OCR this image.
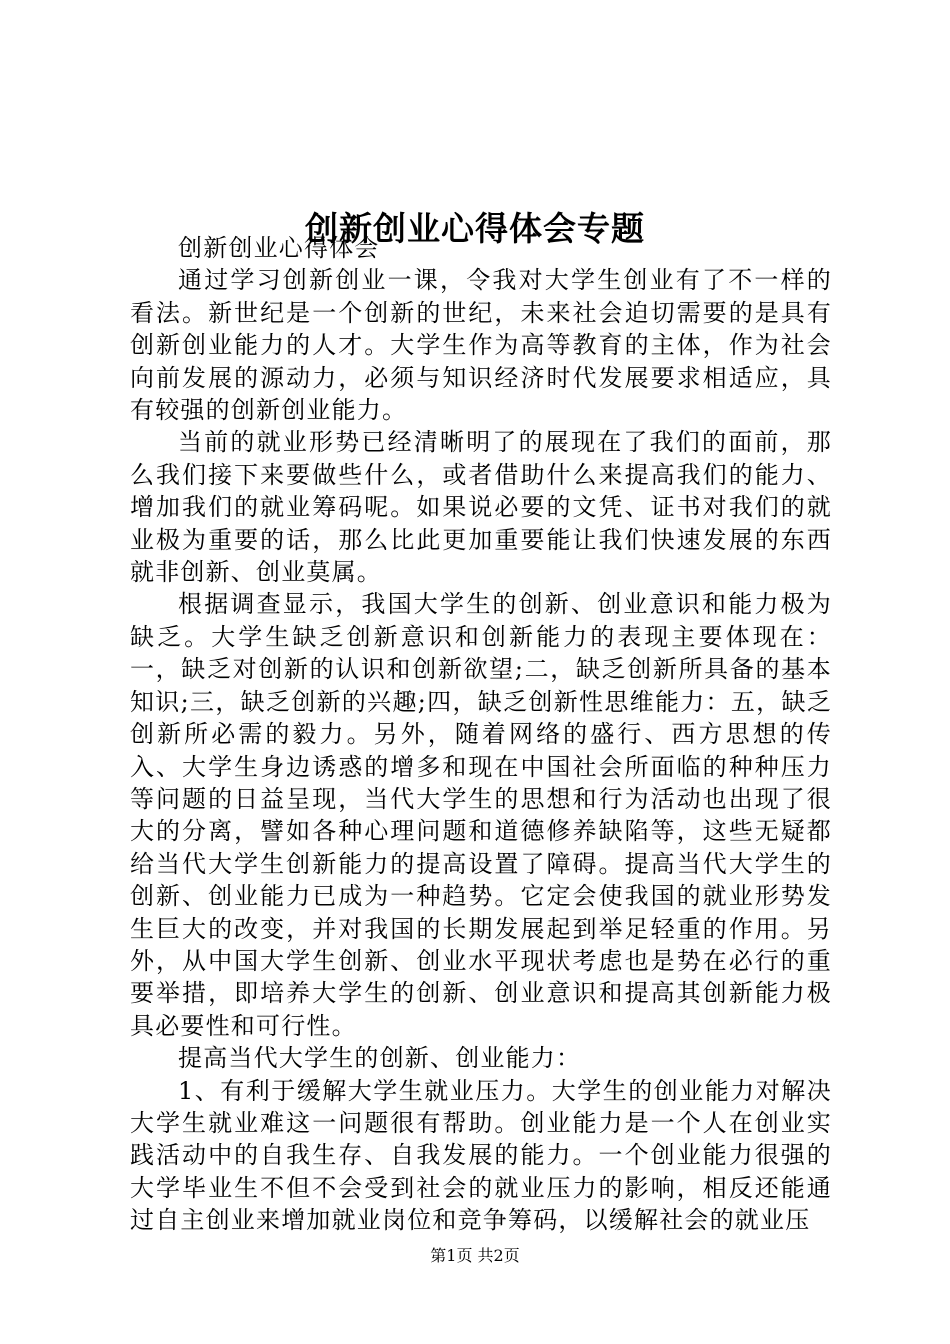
创新创业心得体会专题

创新创业心得体会

通过学习创新创业一课，令我对大学生创业有了不一样的看法。新世纪是一个创新的世纪，未来社会迫切需要的是具有创新创业能力的人才。大学生作为高等教育的主体，作为社会向前发展的源动力，必须与知识经济时代发展要求相适应，具有较强的创新创业能力。

当前的就业形势已经清晰明了的展现在了我们的面前，那么我们接下来要做些什么，或者借助什么来提高我们的能力、增加我们的就业筹码呢。如果说必要的文凭、证书对我们的就业极为重要的话，那么比此更加重要能让我们快速发展的东西就非创新、创业莫属。

根据调查显示，我国大学生的创新、创业意识和能力极为缺乏。大学生缺乏创新意识和创新能力的表现主要体现在：一，缺乏对创新的认识和创新欲望;二，缺乏创新所具备的基本知识;三，缺乏创新的兴趣;四，缺乏创新性思维能力：五，缺乏创新所必需的毅力。另外，随着网络的盛行、西方思想的传入、大学生身边诱惑的增多和现在中国社会所面临的种种压力等问题的日益呈现，当代大学生的思想和行为活动也出现了很大的分离，譬如各种心理问题和道德修养缺陷等，这些无疑都给当代大学生创新能力的提高设置了障碍。提高当代大学生的创新、创业能力已成为一种趋势。它定会使我国的就业形势发生巨大的改变，并对我国的长期发展起到举足轻重的作用。另外，从中国大学生创新、创业水平现状考虑也是势在必行的重要举措，即培养大学生的创新、创业意识和提高其创新能力极具必要性和可行性。

提高当代大学生的创新、创业能力：

1、有利于缓解大学生就业压力。大学生的创业能力对解决大学生就业难这一问题很有帮助。创业能力是一个人在创业实践活动中的自我生存、自我发展的能力。一个创业能力很强的大学毕业生不但不会受到社会的就业压力的影响，相反还能通过自主创业来增加就业岗位和竞争筹码，以缓解社会的就业压

第1页 共2页
